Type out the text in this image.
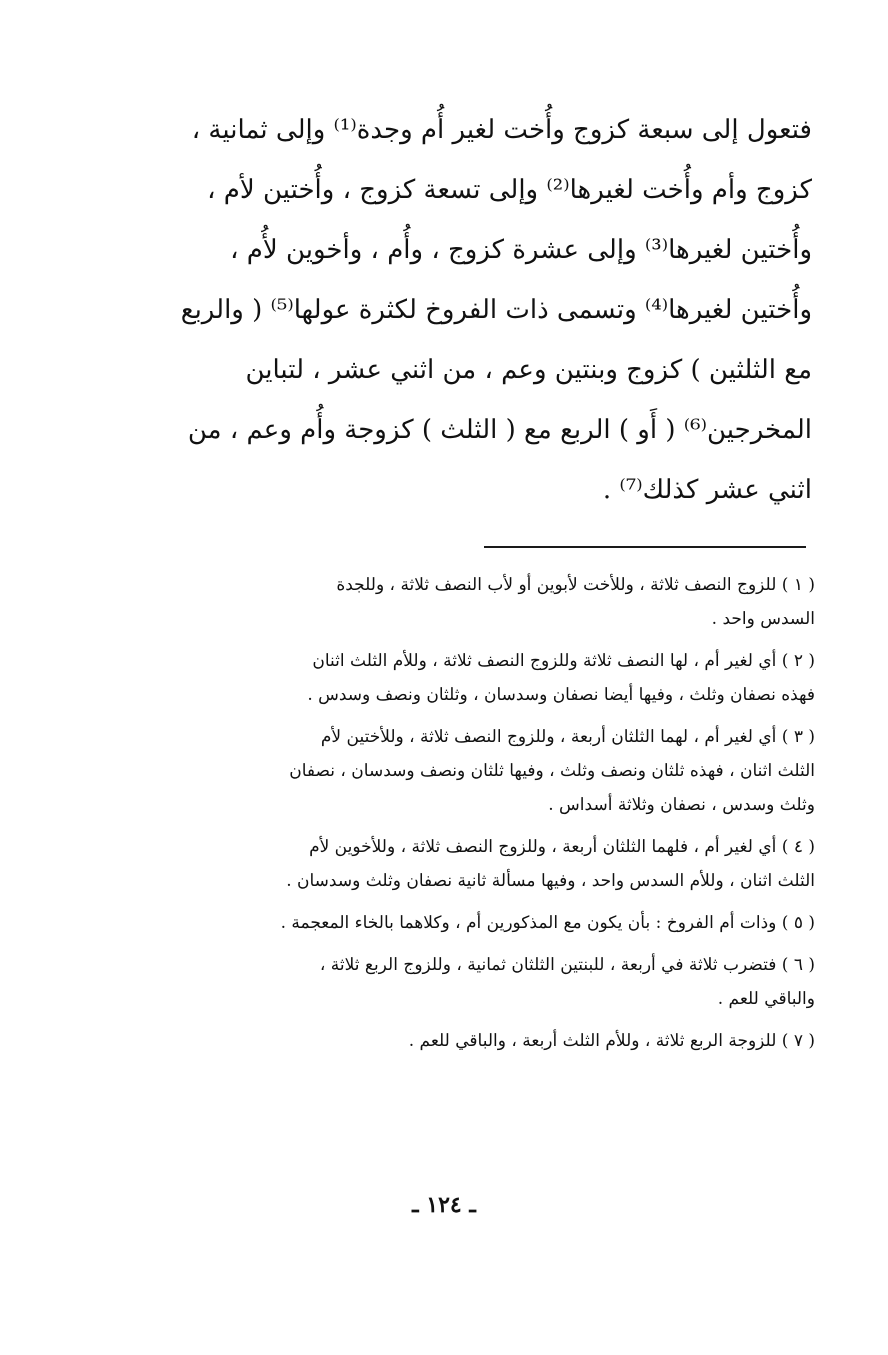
فتعول إلى سبعة كزوج وأُخت لغير أُم وجدة⁽¹⁾ وإلى ثمانية ،
كزوج وأم وأُخت لغيرها⁽²⁾ وإلى تسعة كزوج ، وأُختين لأم ،
وأُختين لغيرها⁽³⁾ وإلى عشرة كزوج ، وأُم ، وأخوين لأُم ،
وأُختين لغيرها⁽⁴⁾ وتسمى ذات الفروخ لكثرة عولها⁽⁵⁾ ( والربع
مع الثلثين ) كزوج وبنتين وعم ، من اثني عشر ، لتباين
المخرجين⁽⁶⁾ ( أَو ) الربع مع ( الثلث ) كزوجة وأُم وعم ، من
اثني عشر كذلك⁽⁷⁾ .
( ١ ) للزوج النصف ثلاثة ، وللأخت لأبوين أو لأب النصف ثلاثة ، وللجدة
السدس واحد .
( ٢ ) أي لغير أم ، لها النصف ثلاثة وللزوج النصف ثلاثة ، وللأم الثلث اثنان
فهذه نصفان وثلث ، وفيها أيضا نصفان وسدسان ، وثلثان ونصف وسدس .
( ٣ ) أي لغير أم ، لهما الثلثان أربعة ، وللزوج النصف ثلاثة ، وللأختين لأم
الثلث اثنان ، فهذه ثلثان ونصف وثلث ، وفيها ثلثان ونصف وسدسان ، نصفان
وثلث وسدس ، نصفان وثلاثة أسداس .
( ٤ ) أي لغير أم ، فلهما الثلثان أربعة ، وللزوج النصف ثلاثة ، وللأخوين لأم
الثلث اثنان ، وللأم السدس واحد ، وفيها مسألة ثانية نصفان وثلث وسدسان .
( ٥ ) وذات أم الفروخ : بأن يكون مع المذكورين أم ، وكلاهما بالخاء المعجمة .
( ٦ ) فتضرب ثلاثة في أربعة ، للبنتين الثلثان ثمانية ، وللزوج الربع ثلاثة ،
والباقي للعم .
( ٧ ) للزوجة الربع ثلاثة ، وللأم الثلث أربعة ، والباقي للعم .
ـ ١٢٤ ـ
